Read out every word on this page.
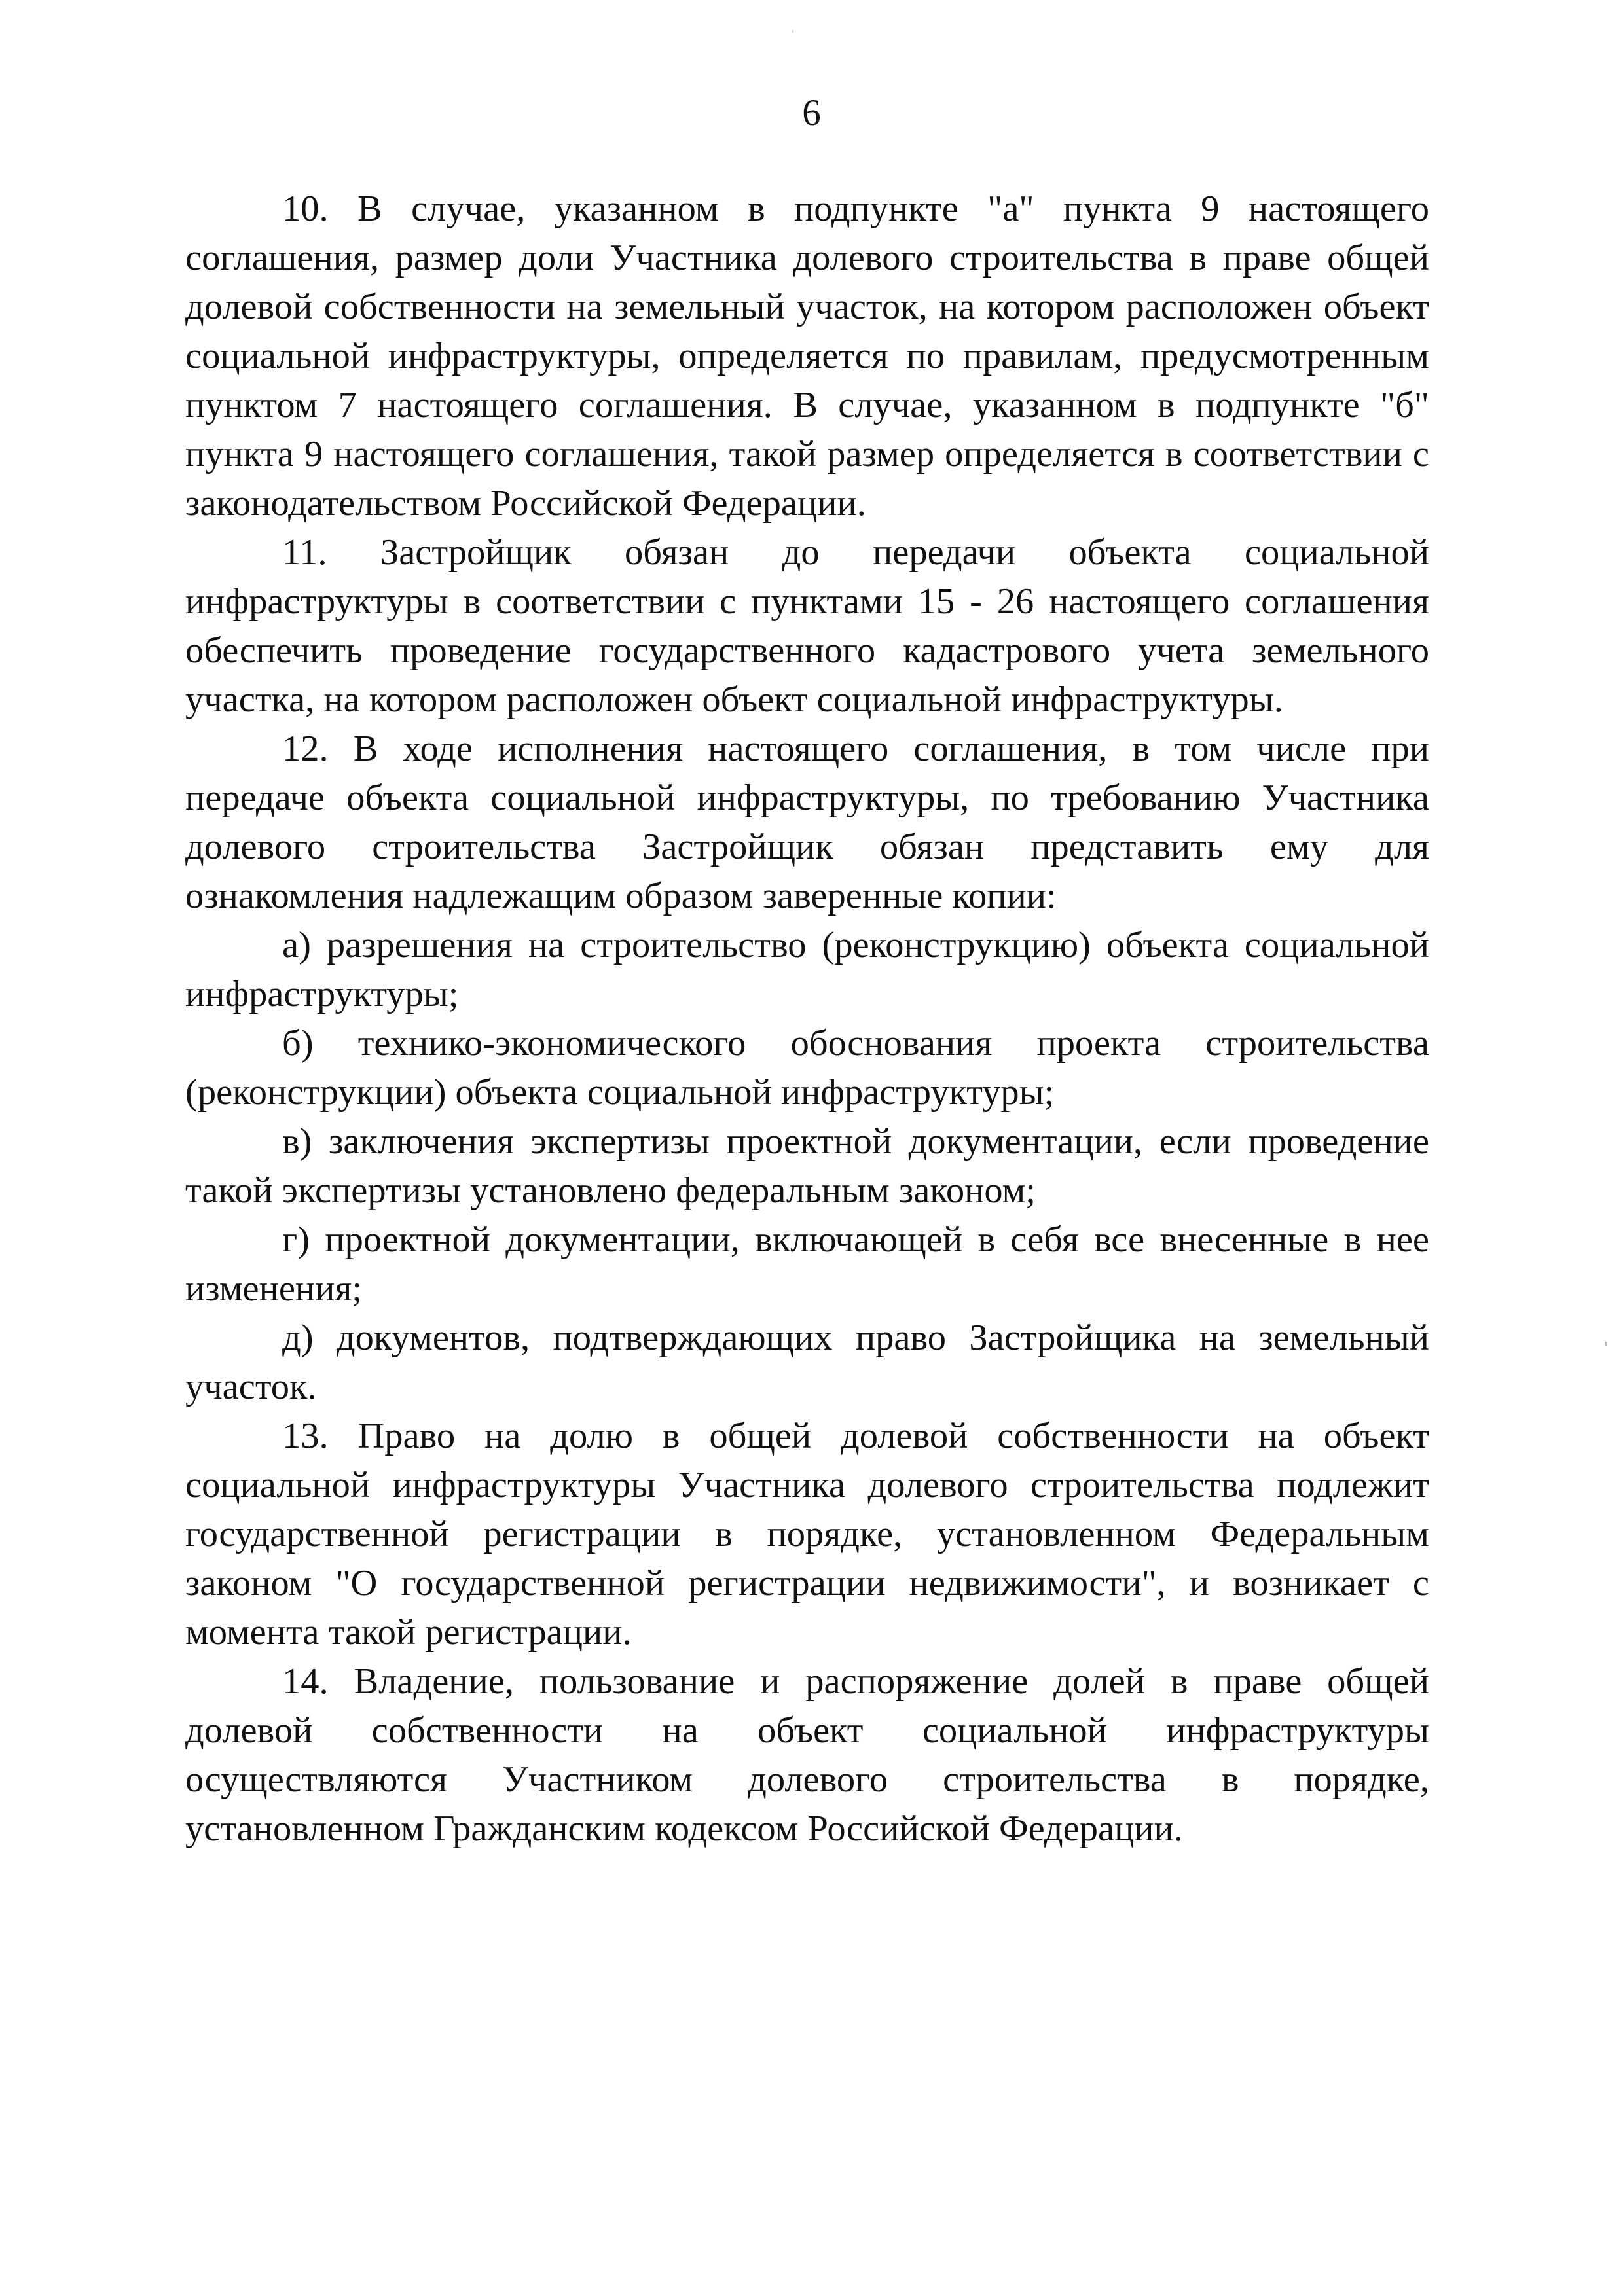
6

10. В случае, указанном в подпункте "а" пункта 9 настоящего соглашения, размер доли Участника долевого строительства в праве общей долевой собственности на земельный участок, на котором расположен объект социальной инфраструктуры, определяется по правилам, предусмотренным пунктом 7 настоящего соглашения. В случае, указанном в подпункте "б" пункта 9 настоящего соглашения, такой размер определяется в соответствии с законодательством Российской Федерации.

11. Застройщик обязан до передачи объекта социальной инфраструктуры в соответствии с пунктами 15 - 26 настоящего соглашения обеспечить проведение государственного кадастрового учета земельного участка, на котором расположен объект социальной инфраструктуры.

12. В ходе исполнения настоящего соглашения, в том числе при передаче объекта социальной инфраструктуры, по требованию Участника долевого строительства Застройщик обязан представить ему для ознакомления надлежащим образом заверенные копии:

а) разрешения на строительство (реконструкцию) объекта социальной инфраструктуры;

б) технико-экономического обоснования проекта строительства (реконструкции) объекта социальной инфраструктуры;

в) заключения экспертизы проектной документации, если проведение такой экспертизы установлено федеральным законом;

г) проектной документации, включающей в себя все внесенные в нее изменения;

д) документов, подтверждающих право Застройщика на земельный участок.

13. Право на долю в общей долевой собственности на объект социальной инфраструктуры Участника долевого строительства подлежит государственной регистрации в порядке, установленном Федеральным законом "О государственной регистрации недвижимости", и возникает с момента такой регистрации.

14. Владение, пользование и распоряжение долей в праве общей долевой собственности на объект социальной инфраструктуры осуществляются Участником долевого строительства в порядке, установленном Гражданским кодексом Российской Федерации.
